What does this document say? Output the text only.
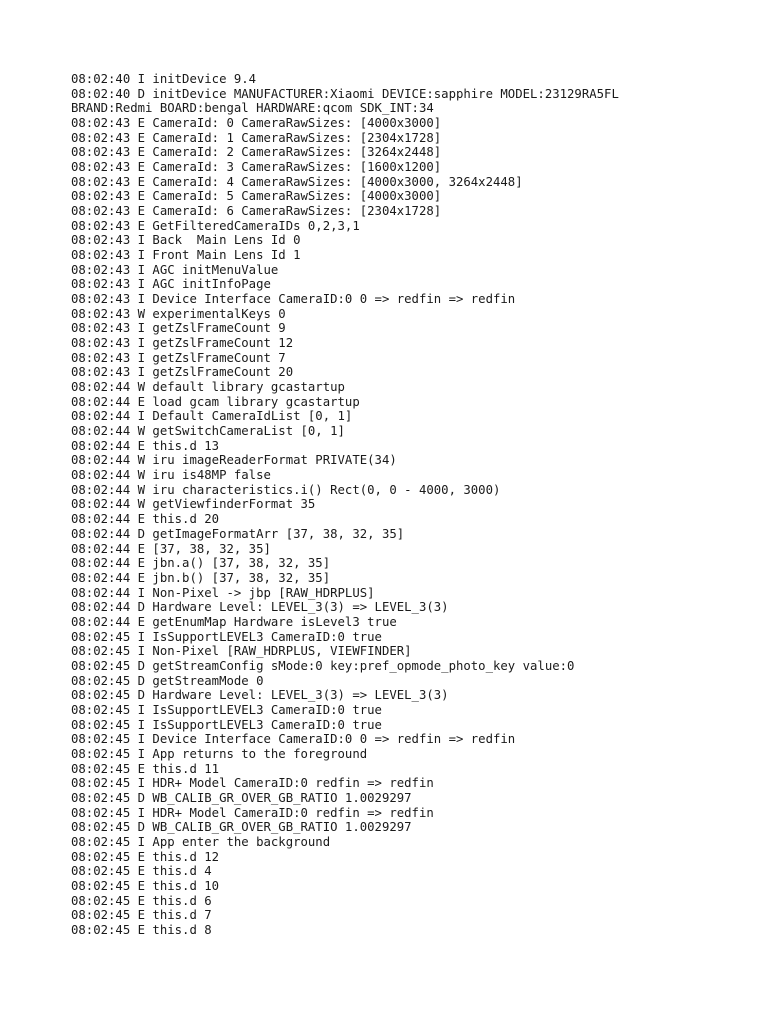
08:02:40 I initDevice 9.4
08:02:40 D initDevice MANUFACTURER:Xiaomi DEVICE:sapphire MODEL:23129RA5FL
BRAND:Redmi BOARD:bengal HARDWARE:qcom SDK_INT:34
08:02:43 E CameraId: 0 CameraRawSizes: [4000x3000]
08:02:43 E CameraId: 1 CameraRawSizes: [2304x1728]
08:02:43 E CameraId: 2 CameraRawSizes: [3264x2448]
08:02:43 E CameraId: 3 CameraRawSizes: [1600x1200]
08:02:43 E CameraId: 4 CameraRawSizes: [4000x3000, 3264x2448]
08:02:43 E CameraId: 5 CameraRawSizes: [4000x3000]
08:02:43 E CameraId: 6 CameraRawSizes: [2304x1728]
08:02:43 E GetFilteredCameraIDs 0,2,3,1
08:02:43 I Back  Main Lens Id 0
08:02:43 I Front Main Lens Id 1
08:02:43 I AGC initMenuValue
08:02:43 I AGC initInfoPage
08:02:43 I Device Interface CameraID:0 0 => redfin => redfin
08:02:43 W experimentalKeys 0
08:02:43 I getZslFrameCount 9
08:02:43 I getZslFrameCount 12
08:02:43 I getZslFrameCount 7
08:02:43 I getZslFrameCount 20
08:02:44 W default library gcastartup
08:02:44 E load gcam library gcastartup
08:02:44 I Default CameraIdList [0, 1]
08:02:44 W getSwitchCameraList [0, 1]
08:02:44 E this.d 13
08:02:44 W iru imageReaderFormat PRIVATE(34)
08:02:44 W iru is48MP false
08:02:44 W iru characteristics.i() Rect(0, 0 - 4000, 3000)
08:02:44 W getViewfinderFormat 35
08:02:44 E this.d 20
08:02:44 D getImageFormatArr [37, 38, 32, 35]
08:02:44 E [37, 38, 32, 35]
08:02:44 E jbn.a() [37, 38, 32, 35]
08:02:44 E jbn.b() [37, 38, 32, 35]
08:02:44 I Non-Pixel -> jbp [RAW_HDRPLUS]
08:02:44 D Hardware Level: LEVEL_3(3) => LEVEL_3(3)
08:02:44 E getEnumMap Hardware isLevel3 true
08:02:45 I IsSupportLEVEL3 CameraID:0 true
08:02:45 I Non-Pixel [RAW_HDRPLUS, VIEWFINDER]
08:02:45 D getStreamConfig sMode:0 key:pref_opmode_photo_key value:0
08:02:45 D getStreamMode 0
08:02:45 D Hardware Level: LEVEL_3(3) => LEVEL_3(3)
08:02:45 I IsSupportLEVEL3 CameraID:0 true
08:02:45 I IsSupportLEVEL3 CameraID:0 true
08:02:45 I Device Interface CameraID:0 0 => redfin => redfin
08:02:45 I App returns to the foreground
08:02:45 E this.d 11
08:02:45 I HDR+ Model CameraID:0 redfin => redfin
08:02:45 D WB_CALIB_GR_OVER_GB_RATIO 1.0029297
08:02:45 I HDR+ Model CameraID:0 redfin => redfin
08:02:45 D WB_CALIB_GR_OVER_GB_RATIO 1.0029297
08:02:45 I App enter the background
08:02:45 E this.d 12
08:02:45 E this.d 4
08:02:45 E this.d 10
08:02:45 E this.d 6
08:02:45 E this.d 7
08:02:45 E this.d 8
